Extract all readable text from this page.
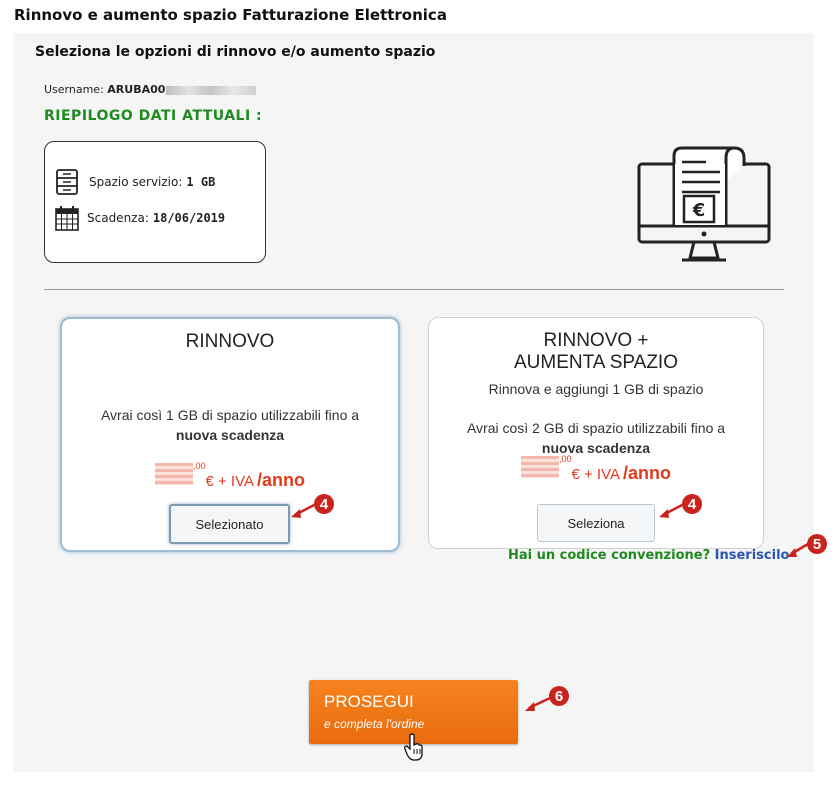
Rinnovo e aumento spazio Fatturazione Elettronica
Seleziona le opzioni di rinnovo e/o aumento spazio
Username: ARUBA00
RIEPILOGO DATI ATTUALI :
Spazio servizio: 1 GB
Scadenza: 18/06/2019	€
RINNOVO
Avrai così 1 GB di spazio utilizzabili fino a
nuova scadenza
,00
€ + IVA /anno
Selezionato
4
RINNOVO +
AUMENTA SPAZIO
Rinnova e aggiungi 1 GB di spazio
Avrai così 2 GB di spazio utilizzabili fino a
nuova scadenza
,00
€ + IVA /anno
Seleziona
4
Hai un codice convenzione? Inseriscilo
5
PROSEGUI
e completa l'ordine
6
